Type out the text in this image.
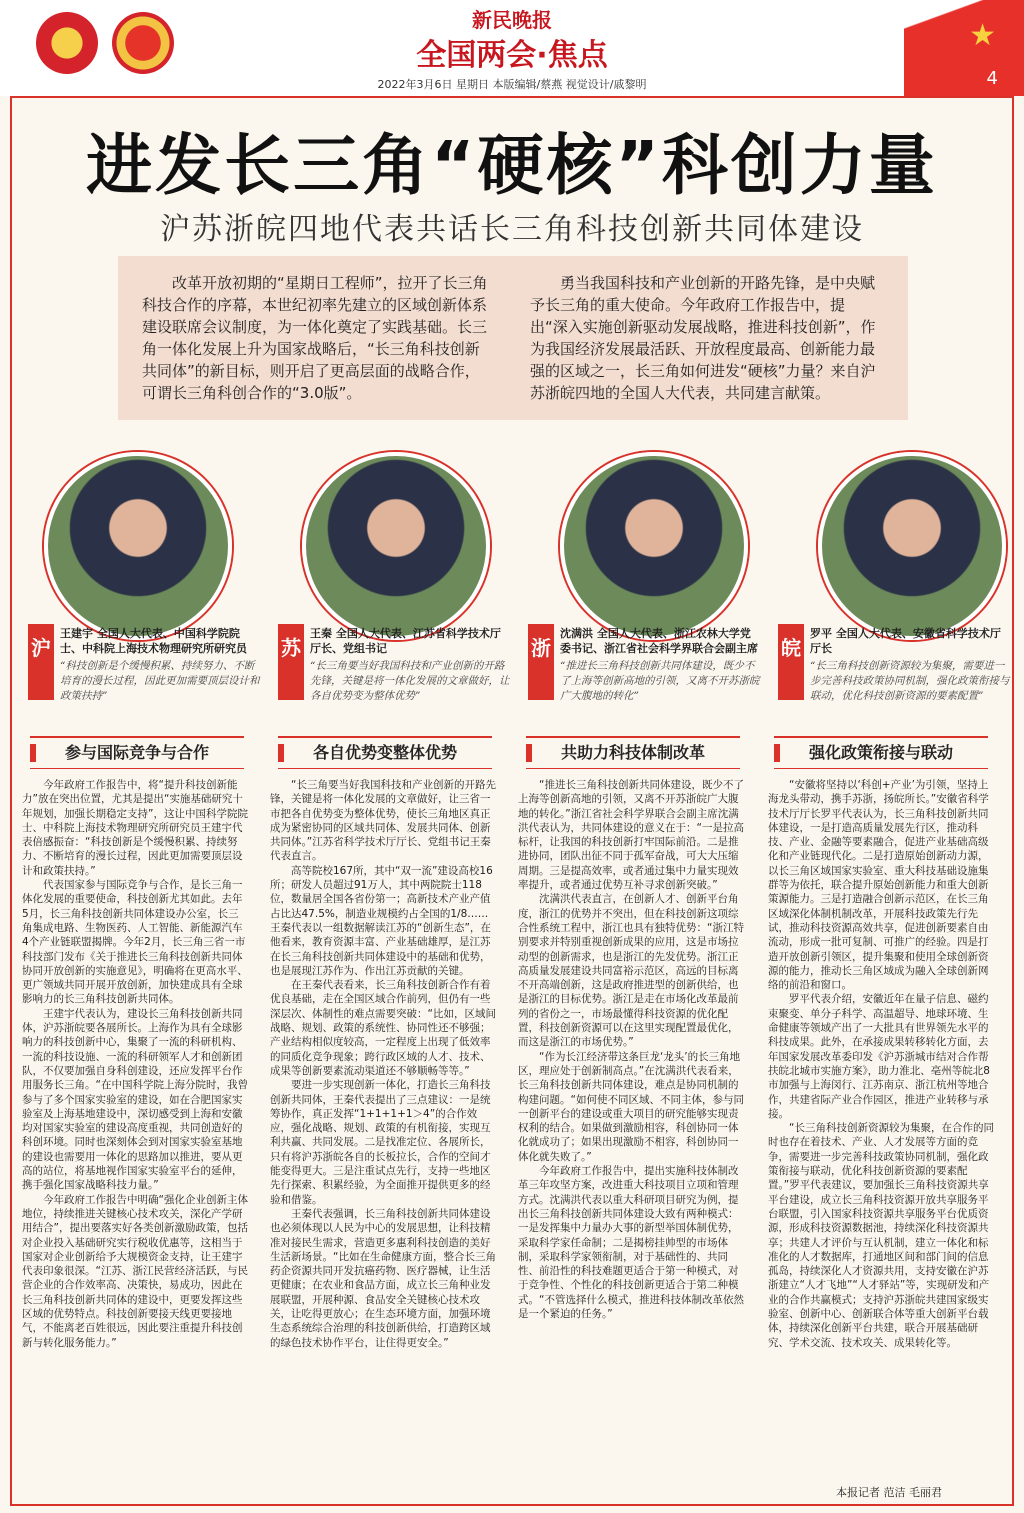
新民晚报
全国两会·焦点
2022年3月6日 星期日 本版编辑/蔡燕 视觉设计/戚黎明
★
4
进发长三角“硬核”科创力量
沪苏浙皖四地代表共话长三角科技创新共同体建设
改革开放初期的“星期日工程师”，拉开了长三角科技合作的序幕，本世纪初率先建立的区域创新体系建设联席会议制度，为一体化奠定了实践基础。长三角一体化发展上升为国家战略后，“长三角科技创新共同体”的新目标，则开启了更高层面的战略合作，可谓长三角科创合作的“3.0版”。
勇当我国科技和产业创新的开路先锋，是中央赋予长三角的重大使命。今年政府工作报告中，提出“深入实施创新驱动发展战略，推进科技创新”，作为我国经济发展最活跃、开放程度最高、创新能力最强的区域之一，长三角如何进发“硬核”力量？来自沪苏浙皖四地的全国人大代表，共同建言献策。
沪
王建宇 全国人大代表、中国科学院院士、中科院上海技术物理研究所研究员
“科技创新是个缓慢积累、持续努力、不断培育的漫长过程，因此更加需要顶层设计和政策扶持”
苏
王秦 全国人大代表、江苏省科学技术厅厅长、党组书记
“长三角要当好我国科技和产业创新的开路先锋，关键是将一体化发展的文章做好，让各自优势变为整体优势”
浙
沈满洪 全国人大代表、浙江农林大学党委书记、浙江省社会科学界联合会副主席
“推进长三角科技创新共同体建设，既少不了上海等创新高地的引领，又离不开苏浙皖广大腹地的转化”
皖
罗平 全国人大代表、安徽省科学技术厅厅长
“长三角科技创新资源较为集聚，需要进一步完善科技政策协同机制，强化政策衔接与联动，优化科技创新资源的要素配置”
参与国际竞争与合作	各自优势变整体优势	共助力科技体制改革	强化政策衔接与联动

今年政府工作报告中，将“提升科技创新能力”放在突出位置，尤其是提出“实施基础研究十年规划，加强长期稳定支持”，这让中国科学院院士、中科院上海技术物理研究所研究员王建宇代表倍感振奋：“科技创新是个缓慢积累、持续努力、不断培育的漫长过程，因此更加需要顶层设计和政策扶持。”

代表国家参与国际竞争与合作，是长三角一体化发展的重要使命，科技创新尤其如此。去年5月，长三角科技创新共同体建设办公室，长三角集成电路、生物医药、人工智能、新能源汽车4个产业链联盟揭牌。今年2月，长三角三省一市科技部门发布《关于推进长三角科技创新共同体协同开放创新的实施意见》，明确将在更高水平、更广领域共同开展开放创新，加快建成具有全球影响力的长三角科技创新共同体。

王建宇代表认为，建设长三角科技创新共同体，沪苏浙皖要各展所长。上海作为具有全球影响力的科技创新中心，集聚了一流的科研机构、一流的科技设施、一流的科研领军人才和创新团队，不仅要加强自身科创建设，还应发挥平台作用服务长三角。“在中国科学院上海分院时，我曾参与了多个国家实验室的建设，如在合肥国家实验室及上海基地建设中，深切感受到上海和安徽均对国家实验室的建设高度重视，共同创造好的科创环境。同时也深刻体会到对国家实验室基地的建设也需要用一体化的思路加以推进，要从更高的站位，将基地视作国家实验室平台的延伸，携手强化国家战略科技力量。”

今年政府工作报告中明确“强化企业创新主体地位，持续推进关键核心技术攻关，深化产学研用结合”，提出要落实好各类创新激励政策，包括对企业投入基础研究实行税收优惠等，这相当于国家对企业创新给予大规模资金支持，让王建宇代表印象很深。“江苏、浙江民营经济活跃，与民营企业的合作效率高、决策快，易成功，因此在长三角科技创新共同体的建设中，更要发挥这些区域的优势特点。科技创新要接天线更要接地气，不能离老百姓很远，因此要注重提升科技创新与转化服务能力。”

“长三角要当好我国科技和产业创新的开路先锋，关键是将一体化发展的文章做好，让三省一市把各自优势变为整体优势，使长三角地区真正成为紧密协同的区域共同体、发展共同体、创新共同体。”江苏省科学技术厅厅长、党组书记王秦代表直言。

高等院校167所，其中“双一流”建设高校16所；研发人员超过91万人，其中两院院士118位，数量居全国各省份第一；高新技术产业产值占比达47.5%，制造业规模约占全国的1/8……王秦代表以一组数据解读江苏的“创新生态”，在他看来，教育资源丰富、产业基础雄厚，是江苏在长三角科技创新共同体建设中的基础和优势，也是展现江苏作为、作出江苏贡献的关键。

在王秦代表看来，长三角科技创新合作有着优良基础，走在全国区域合作前列，但仍有一些深层次、体制性的难点需要突破：“比如，区域间战略、规划、政策的系统性、协同性还不够强；产业结构相似度较高，一定程度上出现了低效率的同质化竞争现象；跨行政区域的人才、技术、成果等创新要素流动渠道还不够顺畅等等。”

要进一步实现创新一体化，打造长三角科技创新共同体，王秦代表提出了三点建议：一是统筹协作，真正发挥“1+1+1+1＞4”的合作效应，强化战略、规划、政策的有机衔接，实现互利共赢、共同发展。二是找准定位、各展所长，只有将沪苏浙皖各自的长板拉长，合作的空间才能变得更大。三是注重试点先行，支持一些地区先行探索、积累经验，为全面推开提供更多的经验和借鉴。

王秦代表强调，长三角科技创新共同体建设也必须体现以人民为中心的发展思想，让科技精准对接民生需求，营造更多惠利科技创造的美好生活新场景。“比如在生命健康方面，整合长三角药企资源共同开发抗癌药物、医疗器械，让生活更健康；在农业和食品方面，成立长三角种业发展联盟，开展种源、食品安全关键核心技术攻关，让吃得更放心；在生态环境方面，加强环境生态系统综合治理的科技创新供给，打造跨区域的绿色技术协作平台，让住得更安全。”

“推进长三角科技创新共同体建设，既少不了上海等创新高地的引领，又离不开苏浙皖广大腹地的转化。”浙江省社会科学界联合会副主席沈满洪代表认为，共同体建设的意义在于：“一是拉高标杆，让我国的科技创新打牢国际前沿。二是推进协同，团队出征不同于孤军奋战，可大大压缩周期。三是提高效率，或者通过集中力量实现效率提升，或者通过优势互补寻求创新突破。”

沈满洪代表直言，在创新人才、创新平台角度，浙江的优势并不突出，但在科技创新这项综合性系统工程中，浙江也具有独特优势：“浙江特别要求并特别重视创新成果的应用，这是市场拉动型的创新需求，也是浙江的先发优势。浙江正高质量发展建设共同富裕示范区，高远的目标离不开高端创新，这是政府推进型的创新供给，也是浙江的目标优势。浙江是走在市场化改革最前列的省份之一，市场最懂得科技资源的优化配置，科技创新资源可以在这里实现配置最优化，而这是浙江的市场优势。”

“作为长江经济带这条巨龙‘龙头’的长三角地区，理应处于创新制高点。”在沈满洪代表看来，长三角科技创新共同体建设，难点是协同机制的构建问题。“如何使不同区域、不同主体，参与同一创新平台的建设或重大项目的研究能够实现责权利的结合。如果做到激励相容，科创协同一体化就成功了；如果出现激励不相容，科创协同一体化就失败了。”

今年政府工作报告中，提出实施科技体制改革三年攻坚方案，改进重大科技项目立项和管理方式。沈满洪代表以重大科研项目研究为例，提出长三角科技创新共同体建设大致有两种模式：一是发挥集中力量办大事的新型举国体制优势，采取科学家任命制；二是揭榜挂帅型的市场体制，采取科学家领衔制，对于基础性的、共同性、前沿性的科技难题更适合于第一种模式，对于竞争性、个性化的科技创新更适合于第二种模式。“不管选择什么模式，推进科技体制改革依然是一个紧迫的任务。”

“安徽将坚持以‘科创+产业’为引领，坚持上海龙头带动，携手苏浙，扬皖所长。”安徽省科学技术厅厅长罗平代表认为，长三角科技创新共同体建设，一是打造高质量发展先行区，推动科技、产业、金融等要素融合，促进产业基础高级化和产业链现代化。二是打造原始创新动力源，以长三角区域国家实验室、重大科技基础设施集群等为依托，联合提升原始创新能力和重大创新策源能力。三是打造融合创新示范区，在长三角区域深化体制机制改革，开展科技政策先行先试，推动科技资源高效共享，促进创新要素自由流动，形成一批可复制、可推广的经验。四是打造开放创新引领区，提升集聚和使用全球创新资源的能力，推动长三角区域成为融入全球创新网络的前沿和窗口。

罗平代表介绍，安徽近年在量子信息、磁约束聚变、单分子科学、高温超导、地球环境、生命健康等领域产出了一大批具有世界领先水平的科技成果。此外，在承接成果转移转化方面，去年国家发展改革委印发《沪苏浙城市结对合作帮扶皖北城市实施方案》，助力淮北、亳州等皖北8市加强与上海闵行、江苏南京、浙江杭州等地合作，共建省际产业合作园区，推进产业转移与承接。

“长三角科技创新资源较为集聚，在合作的同时也存在着技术、产业、人才发展等方面的竞争，需要进一步完善科技政策协同机制，强化政策衔接与联动，优化科技创新资源的要素配置。”罗平代表建议，要加强长三角科技资源共享平台建设，成立长三角科技资源开放共享服务平台联盟，引入国家科技资源共享服务平台优质资源，形成科技资源数据池，持续深化科技资源共享；共建人才评价与互认机制，建立一体化和标准化的人才数据库，打通地区间和部门间的信息孤岛，持续深化人才资源共用，支持安徽在沪苏浙建立“人才飞地”“人才驿站”等，实现研发和产业的合作共赢模式；支持沪苏浙皖共建国家级实验室、创新中心、创新联合体等重大创新平台载体，持续深化创新平台共建，联合开展基础研究、学术交流、技术攻关、成果转化等。

本报记者 范洁 毛丽君
